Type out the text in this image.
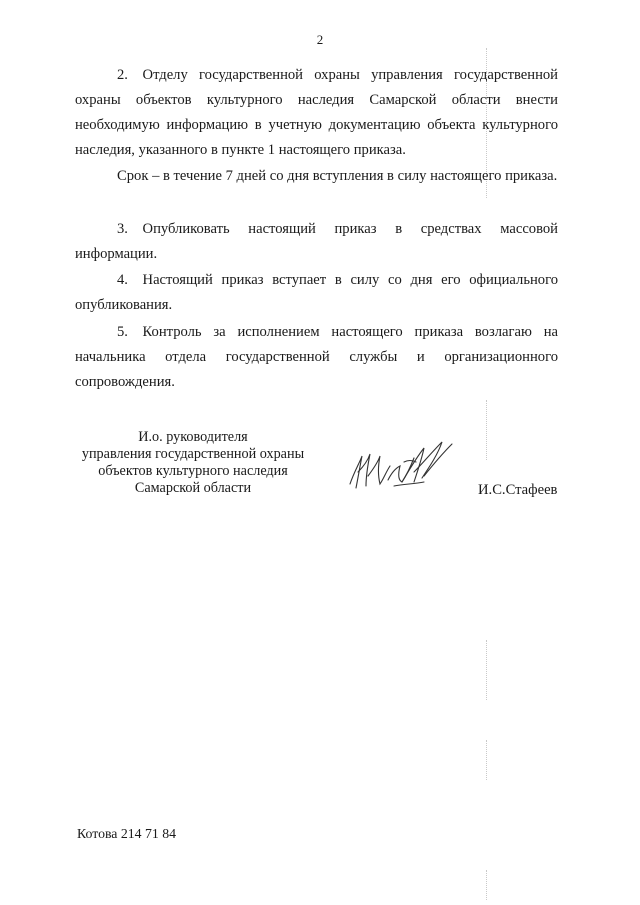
2

2. Отделу государственной охраны управления государственной охраны объектов культурного наследия Самарской области внести необходимую информацию в учетную документацию объекта культурного наследия, указанного в пункте 1 настоящего приказа.

Срок – в течение 7 дней со дня вступления в силу настоящего приказа.

3. Опубликовать настоящий приказ в средствах массовой информации.

4. Настоящий приказ вступает в силу со дня его официального опубликования.

5. Контроль за исполнением настоящего приказа возлагаю на начальника отдела государственной службы и организационного сопровождения.

И.о. руководителя
управления государственной охраны
объектов культурного наследия
Самарской области	И.С.Стафеев
Котова 214 71 84
